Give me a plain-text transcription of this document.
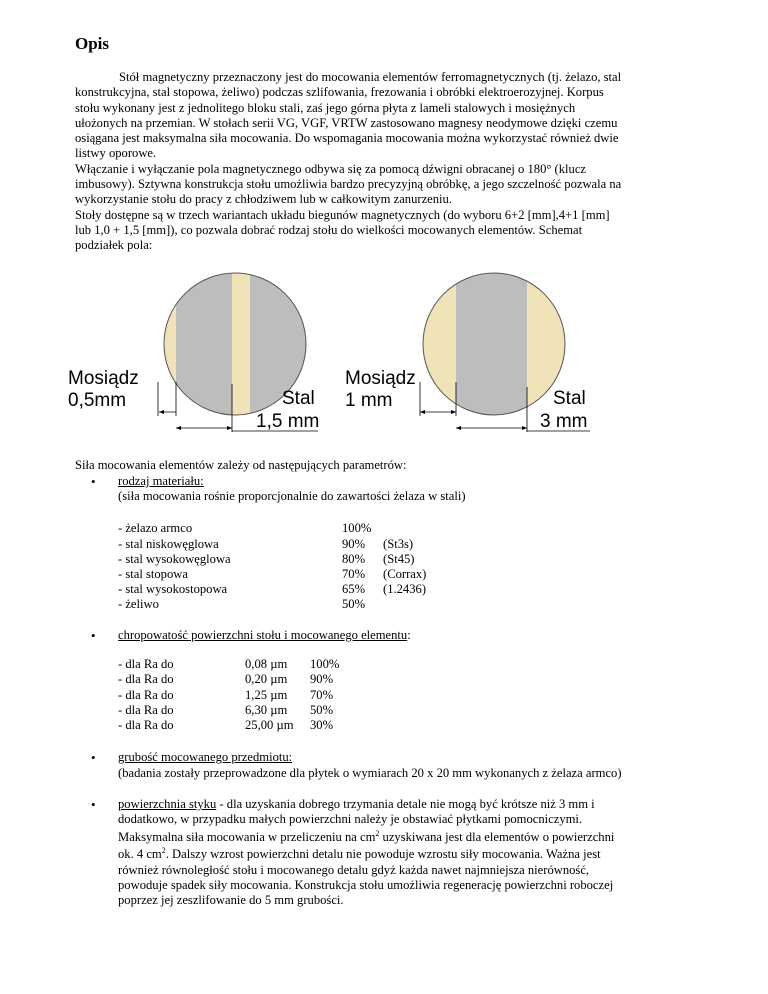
Opis
Stół magnetyczny przeznaczony jest do mocowania elementów ferromagnetycznych (tj. żelazo, stal
konstrukcyjna, stal stopowa, żeliwo) podczas szlifowania, frezowania i obróbki elektroerozyjnej. Korpus
stołu wykonany jest z jednolitego bloku stali, zaś jego górna płyta z lameli stalowych i mosiężnych
ułożonych na przemian. W stołach serii VG, VGF, VRTW zastosowano magnesy neodymowe dzięki czemu
osiągana jest maksymalna siła mocowania. Do wspomagania mocowania można wykorzystać również dwie
listwy oporowe.
Włączanie i wyłączanie pola magnetycznego odbywa się za pomocą dźwigni obracanej o 180° (klucz
imbusowy). Sztywna konstrukcja stołu umożliwia bardzo precyzyjną obróbkę, a jego szczelność pozwala na
wykorzystanie stołu do pracy z chłodziwem lub w całkowitym zanurzeniu.
Stoły dostępne są w trzech wariantach układu biegunów magnetycznych (do wyboru 6+2 [mm],4+1 [mm]
lub 1,0 + 1,5 [mm]), co pozwala dobrać rodzaj stołu do wielkości mocowanych elementów. Schemat
podziałek pola:
Mosiądz
0,5mm	Stal
1,5 mm
Mosiądz
1 mm	Stal
3 mm
Siła mocowania elementów zależy od następujących parametrów:
• rodzaj materiału:
(siła mocowania rośnie proporcjonalnie do zawartości żelaza w stali)
- żelazo armco	100%
- stal niskowęglowa	90% (St3s)
- stal wysokowęglowa	80% (St45)
- stal stopowa	70% (Corrax)
- stal wysokostopowa	65% (1.2436)
- żeliwo	50%
• chropowatość powierzchni stołu i mocowanego elementu:
- dla Ra do	0,08 µm 100%
- dla Ra do	0,20 µm 90%
- dla Ra do	1,25 µm 70%
- dla Ra do	6,30 µm 50%
- dla Ra do	25,00 µm 30%
• grubość mocowanego przedmiotu:
(badania zostały przeprowadzone dla płytek o wymiarach 20 x 20 mm wykonanych z żelaza armco)
• powierzchnia styku - dla uzyskania dobrego trzymania detale nie mogą być krótsze niż 3 mm i
dodatkowo, w przypadku małych powierzchni należy je obstawiać płytkami pomocniczymi.
Maksymalna siła mocowania w przeliczeniu na $cm^2$ uzyskiwana jest dla elementów o powierzchni
ok. 4 $cm^2$. Dalszy wzrost powierzchni detalu nie powoduje wzrostu siły mocowania. Ważna jest
również równoległość stołu i mocowanego detalu gdyż każda nawet najmniejsza nierówność,
powoduje spadek siły mocowania. Konstrukcja stołu umożliwia regenerację powierzchni roboczej
poprzez jej zeszlifowanie do 5 mm grubości.
